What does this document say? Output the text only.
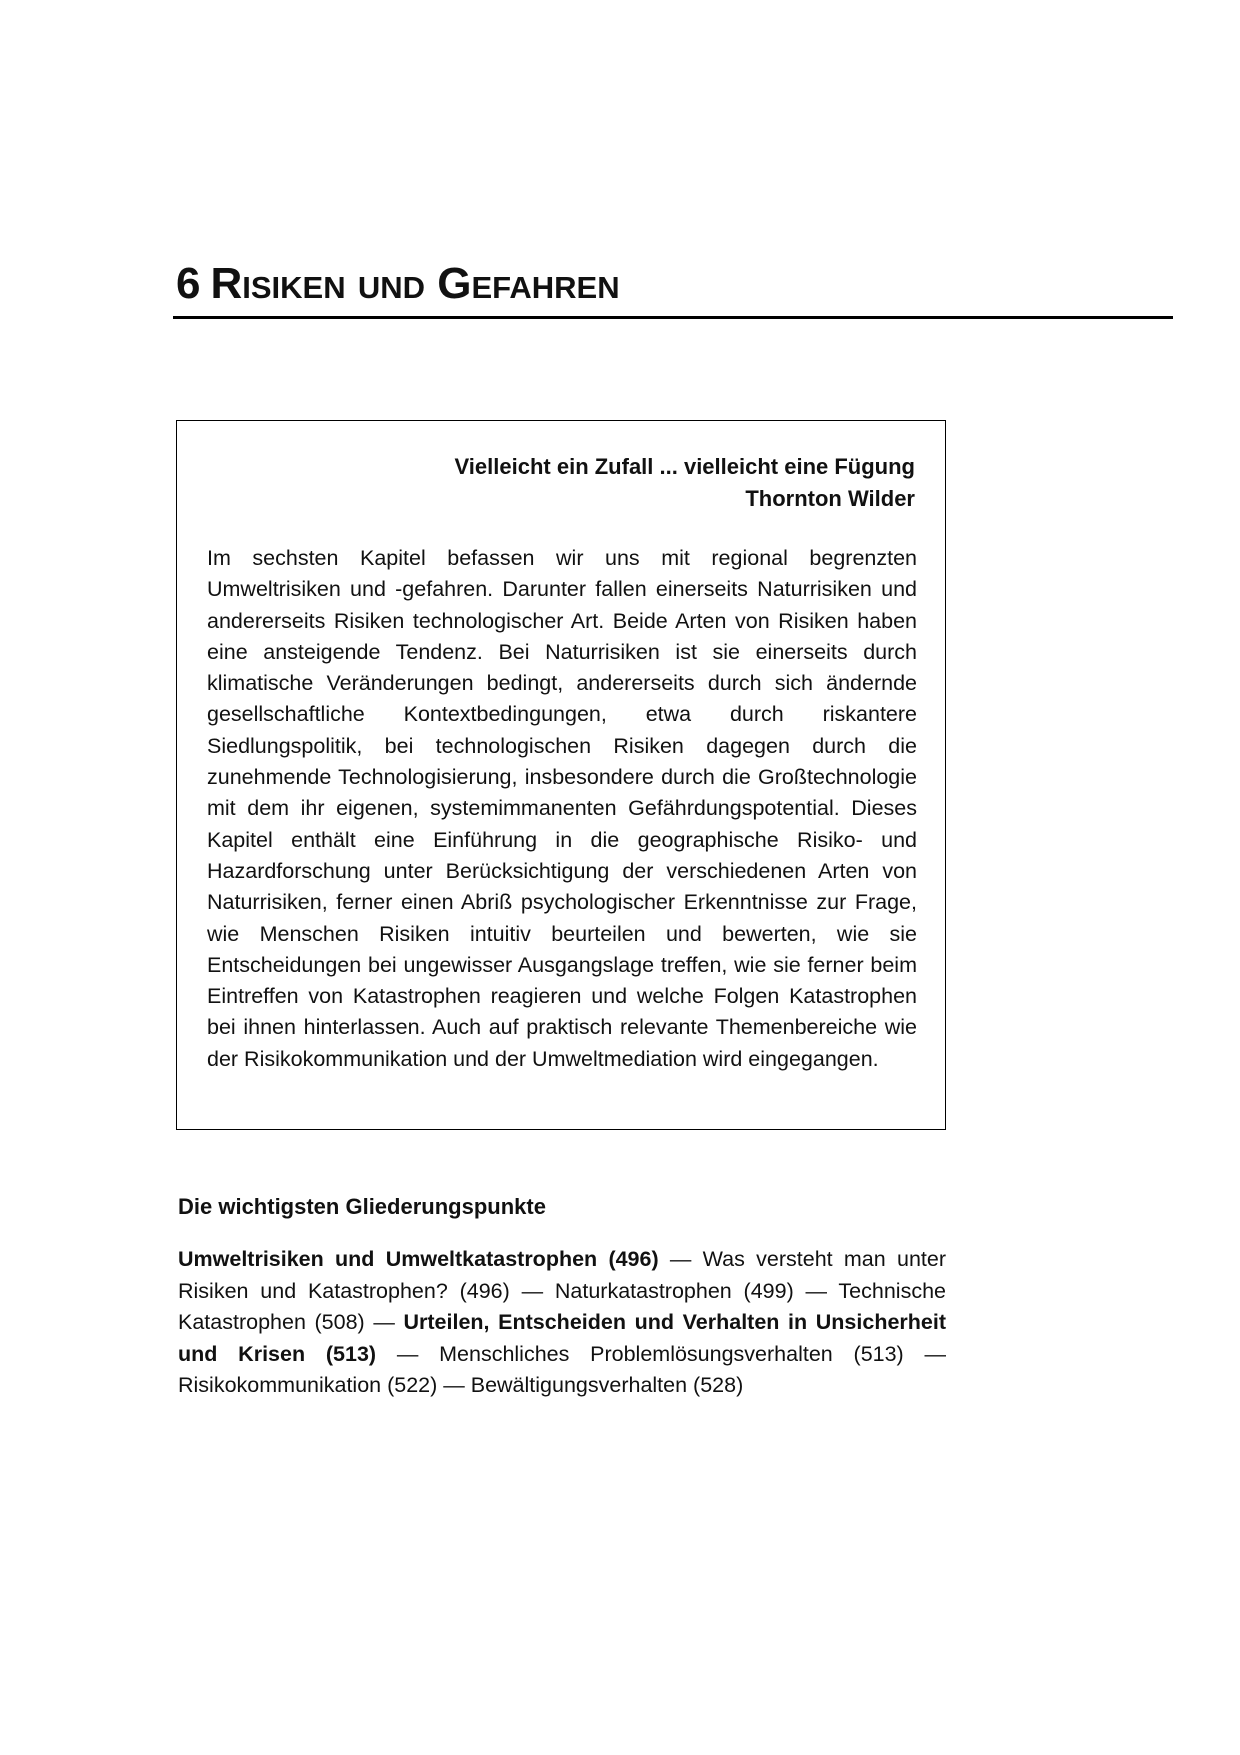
6 Risiken und Gefahren
Vielleicht ein Zufall ... vielleicht eine Fügung
Thornton Wilder

Im sechsten Kapitel befassen wir uns mit regional begrenzten Umweltrisiken und -gefahren. Darunter fallen einerseits Naturrisiken und andererseits Risiken technologischer Art. Beide Arten von Risiken haben eine ansteigende Tendenz. Bei Naturrisiken ist sie einerseits durch klimatische Veränderungen bedingt, andererseits durch sich ändernde gesellschaftliche Kontextbedingungen, etwa durch riskantere Siedlungspolitik, bei technologischen Risiken dagegen durch die zunehmende Technologisierung, insbesondere durch die Großtechnologie mit dem ihr eigenen, systemimmanenten Gefährdungspotential. Dieses Kapitel enthält eine Einführung in die geographische Risiko- und Hazardforschung unter Berücksichtigung der verschiedenen Arten von Naturrisiken, ferner einen Abriß psychologischer Erkenntnisse zur Frage, wie Menschen Risiken intuitiv beurteilen und bewerten, wie sie Entscheidungen bei ungewisser Ausgangslage treffen, wie sie ferner beim Eintreffen von Katastrophen reagieren und welche Folgen Katastrophen bei ihnen hinterlassen. Auch auf praktisch relevante Themenbereiche wie der Risikokommunikation und der Umweltmediation wird eingegangen.

Die wichtigsten Gliederungspunkte

Umweltrisiken und Umweltkatastrophen (496) — Was versteht man unter Risiken und Katastrophen? (496) — Naturkatastrophen (499) — Technische Katastrophen (508) — Urteilen, Entscheiden und Verhalten in Unsicherheit und Krisen (513) — Menschliches Problemlösungsverhalten (513) — Risikokommunikation (522) — Bewältigungsverhalten (528)
